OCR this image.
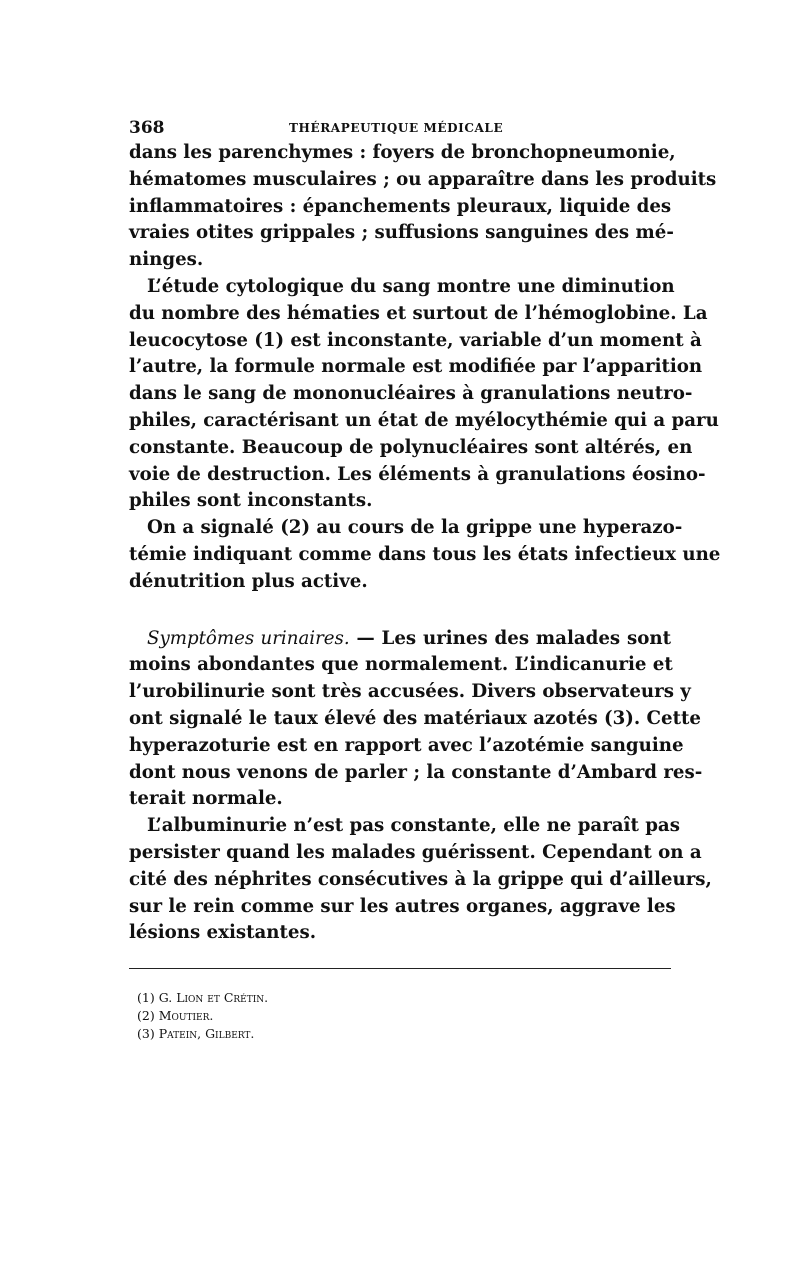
368	THÉRAPEUTIQUE MÉDICALE
dans les parenchymes : foyers de bronchopneumonie,
hématomes musculaires ; ou apparaître dans les produits
inflammatoires : épanchements pleuraux, liquide des
vraies otites grippales ; suffusions sanguines des mé-
ninges.
L’étude cytologique du sang montre une diminution
du nombre des hématies et surtout de l’hémoglobine. La
leucocytose (1) est inconstante, variable d’un moment à
l’autre, la formule normale est modifiée par l’apparition
dans le sang de mononucléaires à granulations neutro-
philes, caractérisant un état de myélocythémie qui a paru
constante. Beaucoup de polynucléaires sont altérés, en
voie de destruction. Les éléments à granulations éosino-
philes sont inconstants.
On a signalé (2) au cours de la grippe une hyperazo-
témie indiquant comme dans tous les états infectieux une
dénutrition plus active.
Symptômes urinaires. — Les urines des malades sont
moins abondantes que normalement. L’indicanurie et
l’urobilinurie sont très accusées. Divers observateurs y
ont signalé le taux élevé des matériaux azotés (3). Cette
hyperazoturie est en rapport avec l’azotémie sanguine
dont nous venons de parler ; la constante d’Ambard res-
terait normale.
L’albuminurie n’est pas constante, elle ne paraît pas
persister quand les malades guérissent. Cependant on a
cité des néphrites consécutives à la grippe qui d’ailleurs,
sur le rein comme sur les autres organes, aggrave les
lésions existantes.
(1) G. Lion et Crétin.
(2) Moutier.
(3) Patein, Gilbert.
